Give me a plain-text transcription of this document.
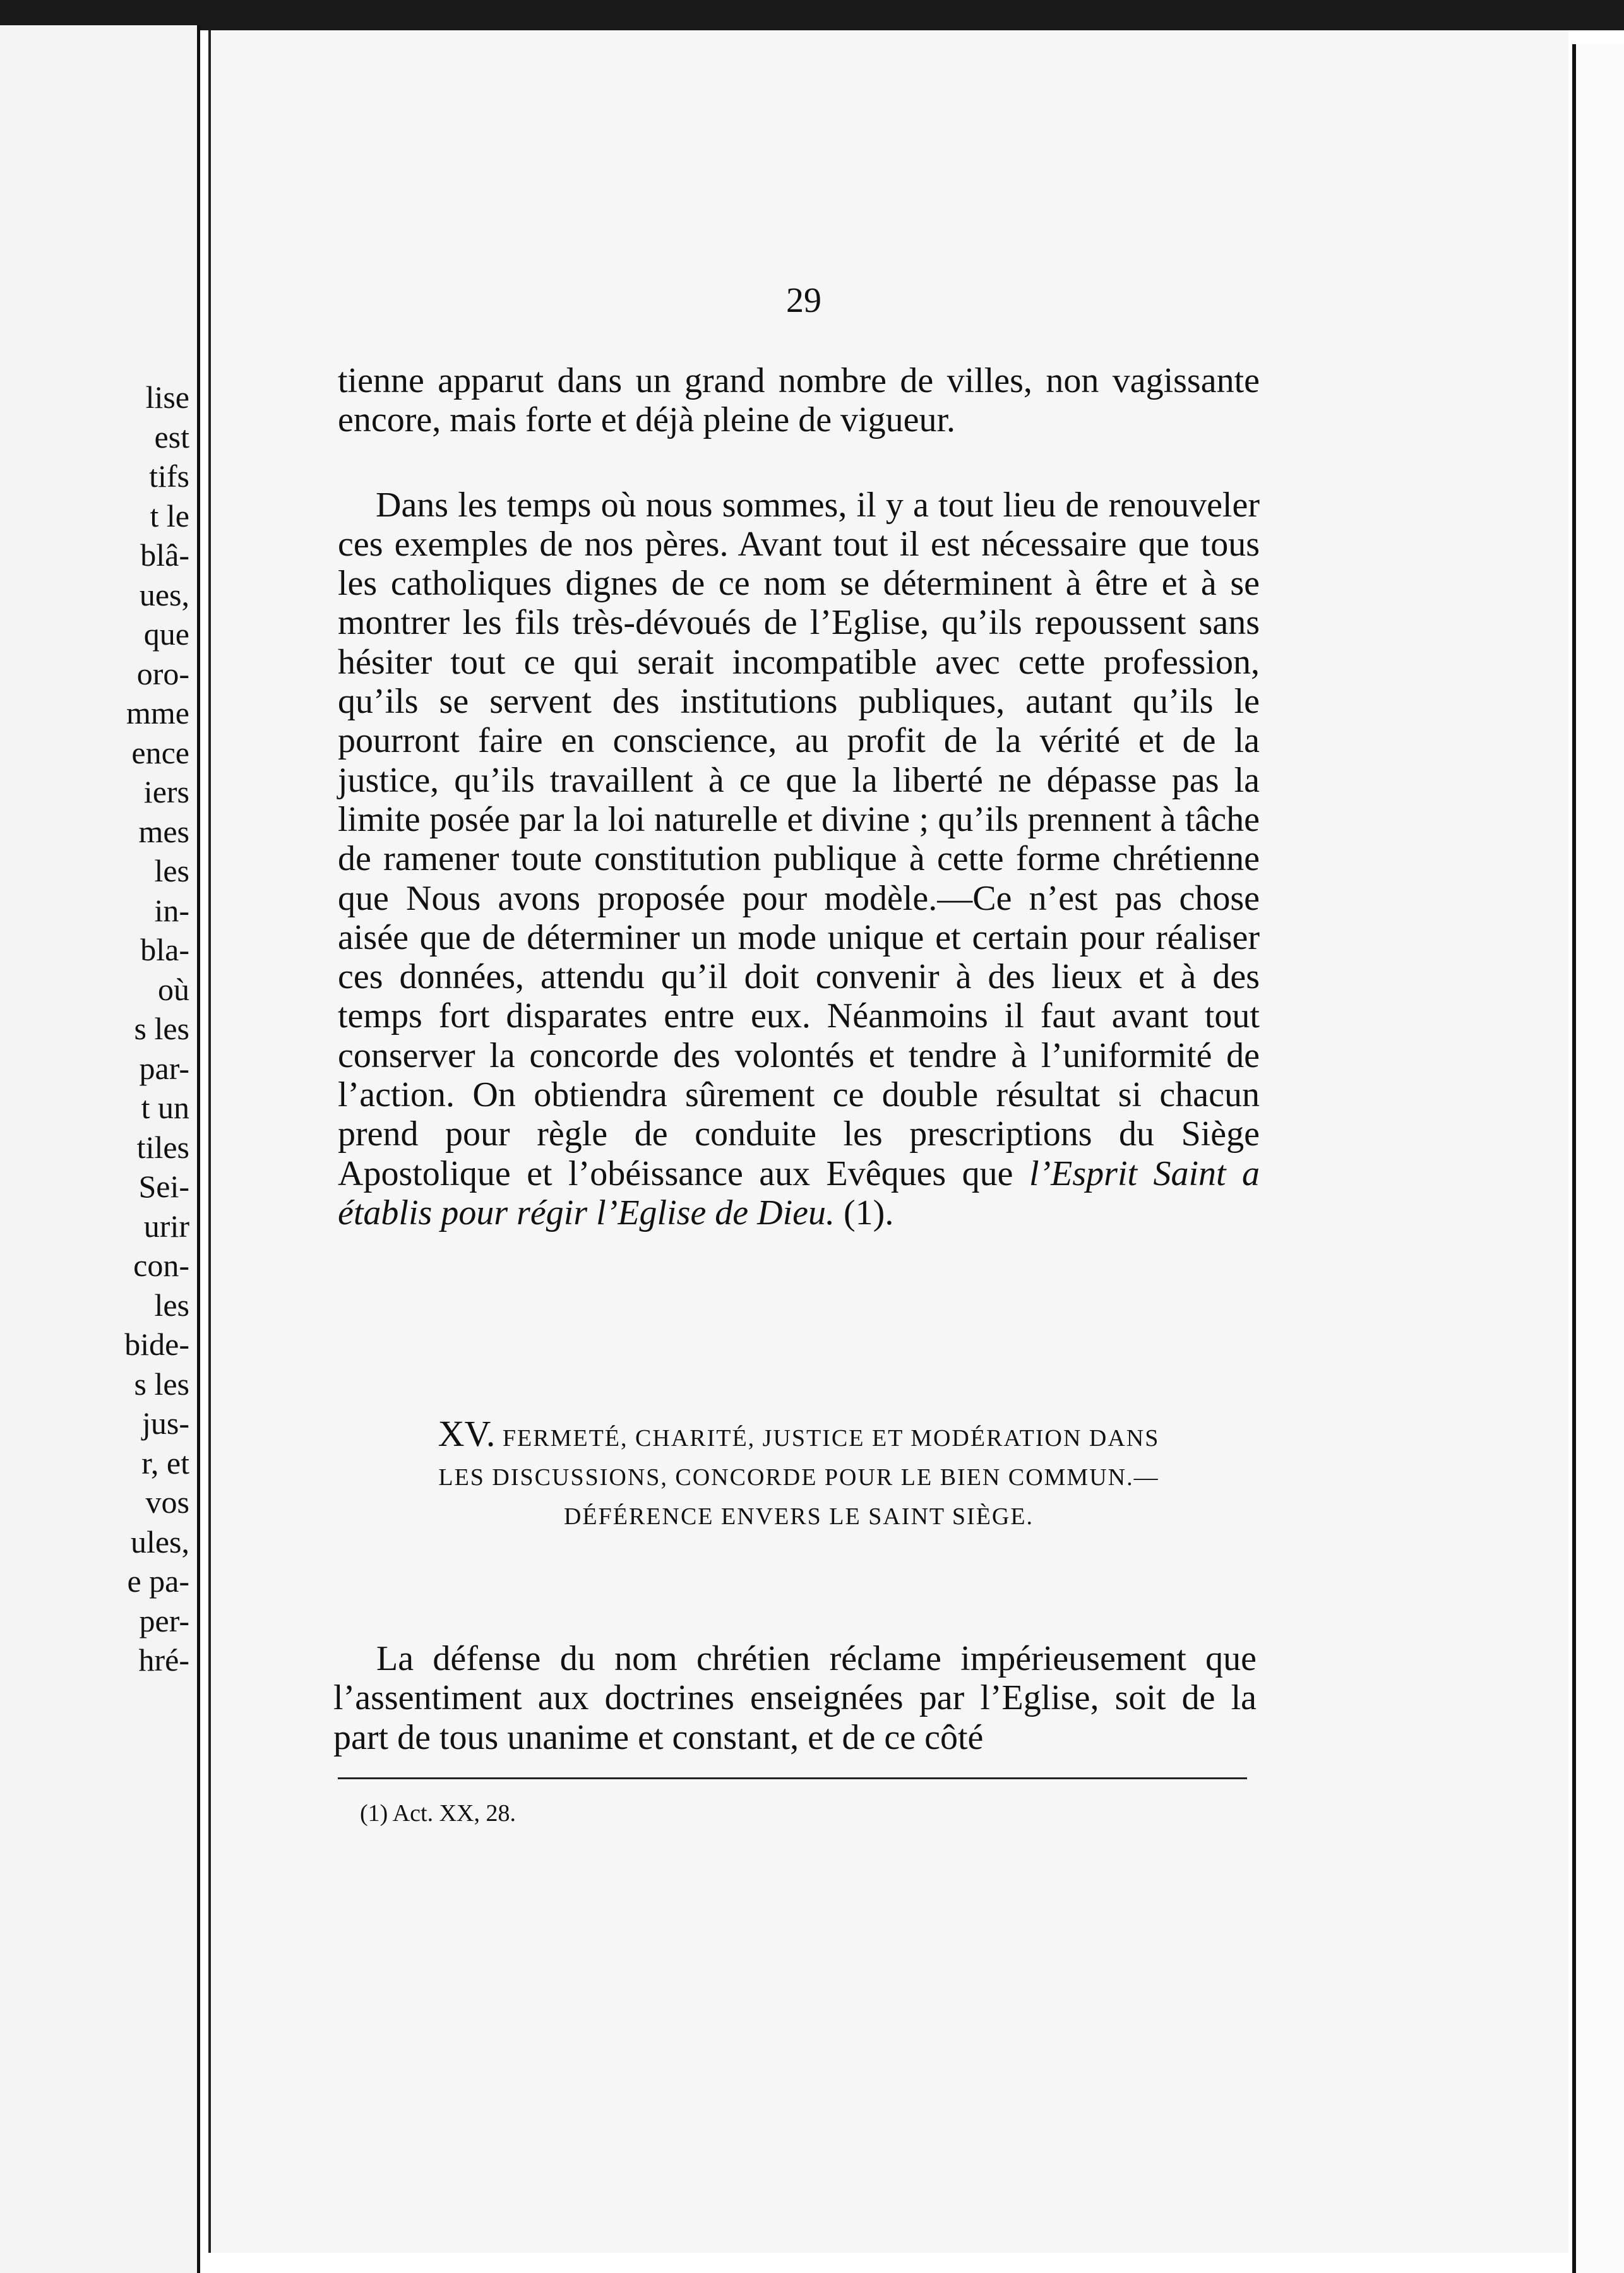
lise
est
tifs
t le
blâ-
ues,
que
oro-
mme
ence
iers
mes
les
in-
bla-
où
s les
par-
t un
tiles
Sei-
urir
con-
les
bide-
s les
jus-
r, et
vos
ules,
e pa-
per-
hré-
29

tienne apparut dans un grand nombre de villes, non vagissante encore, mais forte et déjà pleine de vigueur.

Dans les temps où nous sommes, il y a tout lieu de renouveler ces exemples de nos pères. Avant tout il est nécessaire que tous les catholiques dignes de ce nom se déterminent à être et à se montrer les fils très-dévoués de l’Eglise, qu’ils repoussent sans hésiter tout ce qui serait incompatible avec cette profession, qu’ils se servent des institutions publiques, autant qu’ils le pourront faire en conscience, au profit de la vérité et de la justice, qu’ils travaillent à ce que la liberté ne dépasse pas la limite posée par la loi naturelle et divine ; qu’ils prennent à tâche de ramener toute constitution publique à cette forme chrétienne que Nous avons proposée pour modèle.—Ce n’est pas chose aisée que de déterminer un mode unique et certain pour réaliser ces données, attendu qu’il doit convenir à des lieux et à des temps fort disparates entre eux. Néanmoins il faut avant tout conserver la concorde des volontés et tendre à l’uniformité de l’action. On obtiendra sûrement ce double résultat si chacun prend pour règle de conduite les prescriptions du Siège Apostolique et l’obéissance aux Evêques que l’Esprit Saint a établis pour régir l’Eglise de Dieu. (1).

XV. FERMETÉ, CHARITÉ, JUSTICE ET MODÉRATION DANS
LES DISCUSSIONS, CONCORDE POUR LE BIEN COMMUN.—
DÉFÉRENCE ENVERS LE SAINT SIÈGE.

La défense du nom chrétien réclame impérieusement que l’assentiment aux doctrines enseignées par l’Eglise, soit de la part de tous unanime et constant, et de ce côté

(1) Act. XX, 28.
